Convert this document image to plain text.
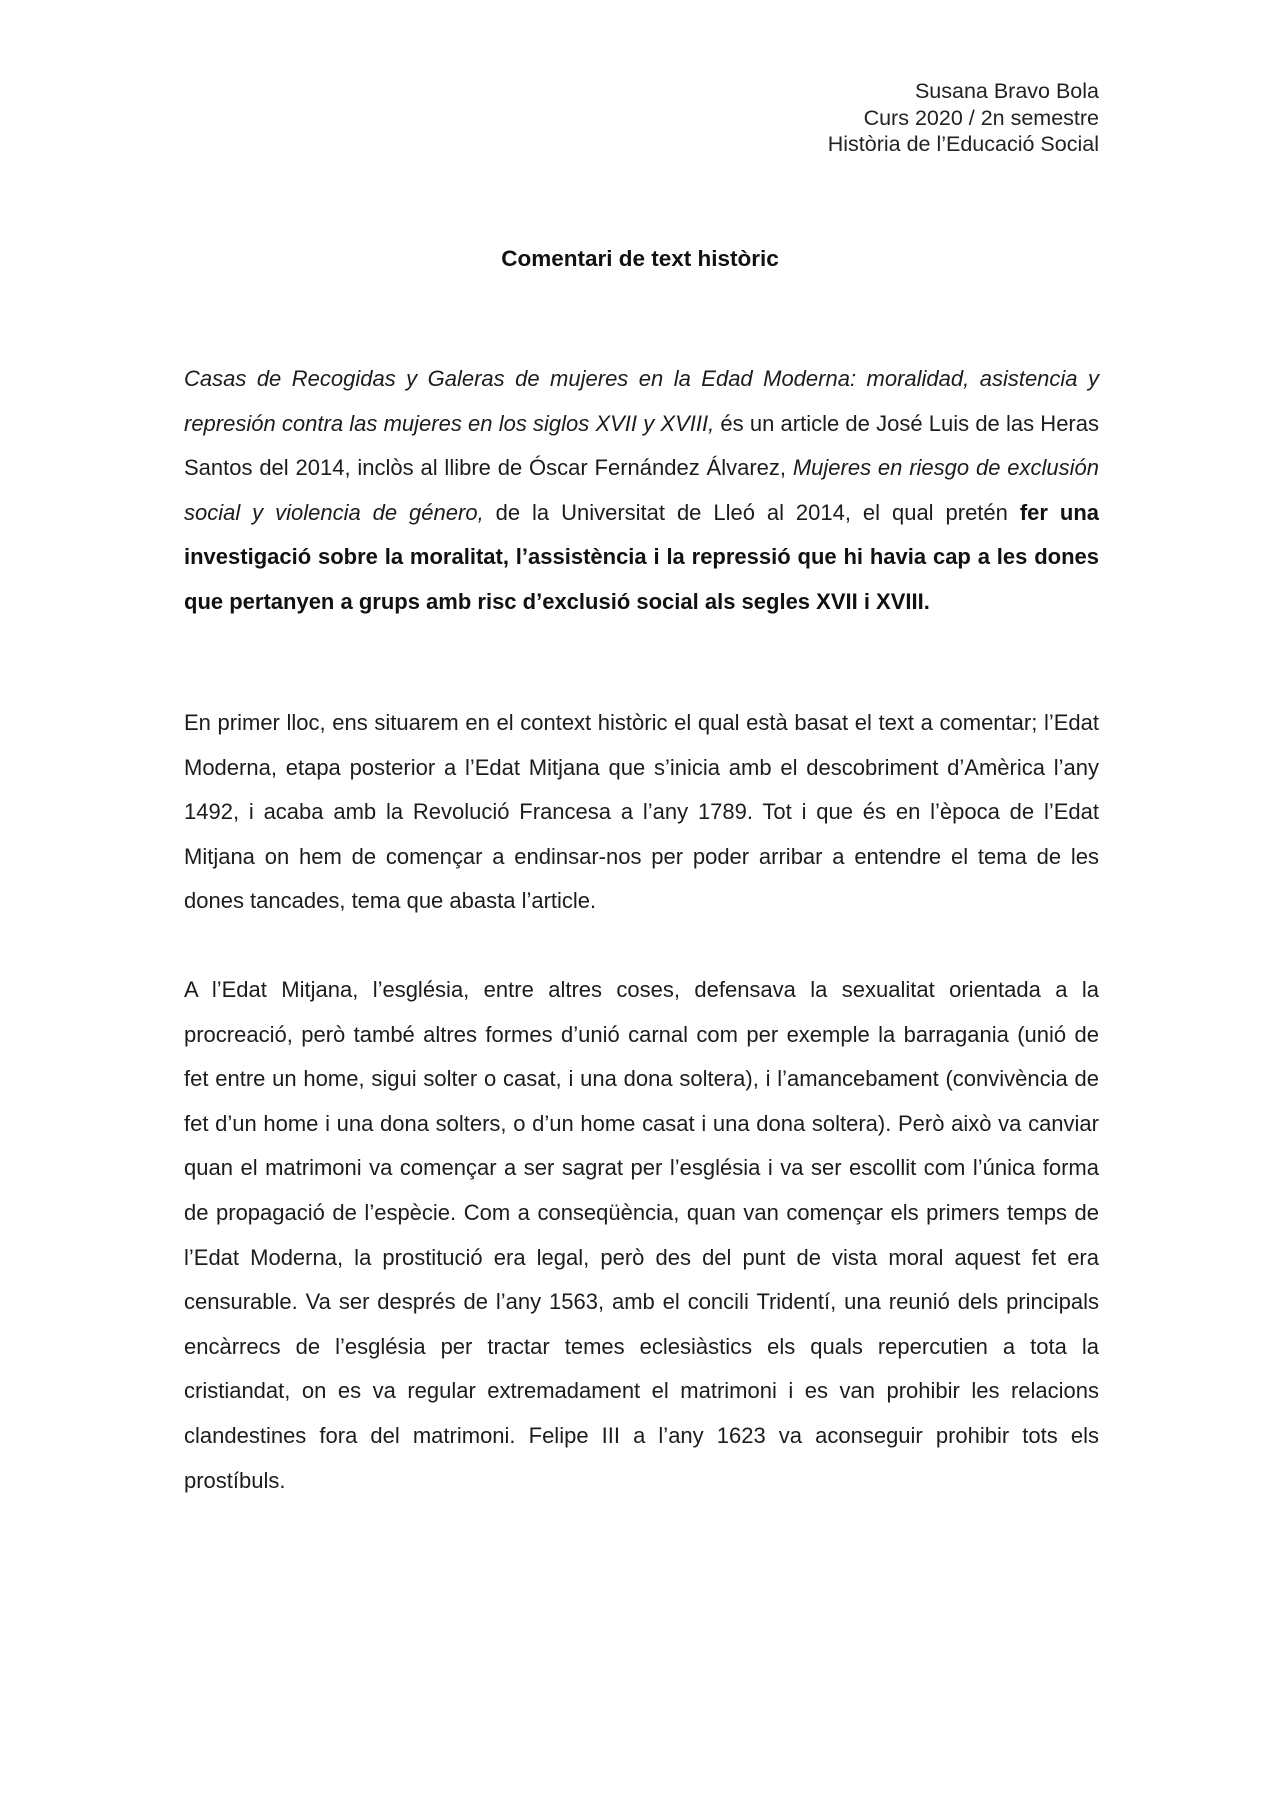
Susana Bravo Bola
Curs 2020 / 2n semestre
Història de l’Educació Social
Comentari de text històric

Casas de Recogidas y Galeras de mujeres en la Edad Moderna: moralidad, asistencia y represión contra las mujeres en los siglos XVII y XVIII, és un article de José Luis de las Heras Santos del 2014, inclòs al llibre de Óscar Fernández Álvarez, Mujeres en riesgo de exclusión social y violencia de género, de la Universitat de Lleó al 2014, el qual pretén fer una investigació sobre la moralitat, l’assistència i la repressió que hi havia cap a les dones que pertanyen a grups amb risc d’exclusió social als segles XVII i XVIII.

En primer lloc, ens situarem en el context històric el qual està basat el text a comentar; l’Edat Moderna, etapa posterior a l’Edat Mitjana que s’inicia amb el descobriment d’Amèrica l’any 1492, i acaba amb la Revolució Francesa a l’any 1789. Tot i que és en l’època de l’Edat Mitjana on hem de començar a endinsar-nos per poder arribar a entendre el tema de les dones tancades, tema que abasta l’article.

A l’Edat Mitjana, l’església, entre altres coses, defensava la sexualitat orientada a la procreació, però també altres formes d’unió carnal com per exemple la barragania (unió de fet entre un home, sigui solter o casat, i una dona soltera), i l’amancebament (convivència de fet d’un home i una dona solters, o d’un home casat i una dona soltera). Però això va canviar quan el matrimoni va començar a ser sagrat per l’església i va ser escollit com l’única forma de propagació de l’espècie. Com a conseqüència, quan van començar els primers temps de l’Edat Moderna, la prostitució era legal, però des del punt de vista moral aquest fet era censurable. Va ser després de l’any 1563, amb el concili Tridentí, una reunió dels principals encàrrecs de l’església per tractar temes eclesiàstics els quals repercutien a tota la cristiandat, on es va regular extremadament el matrimoni i es van prohibir les relacions clandestines fora del matrimoni. Felipe III a l’any 1623 va aconseguir prohibir tots els prostíbuls.
